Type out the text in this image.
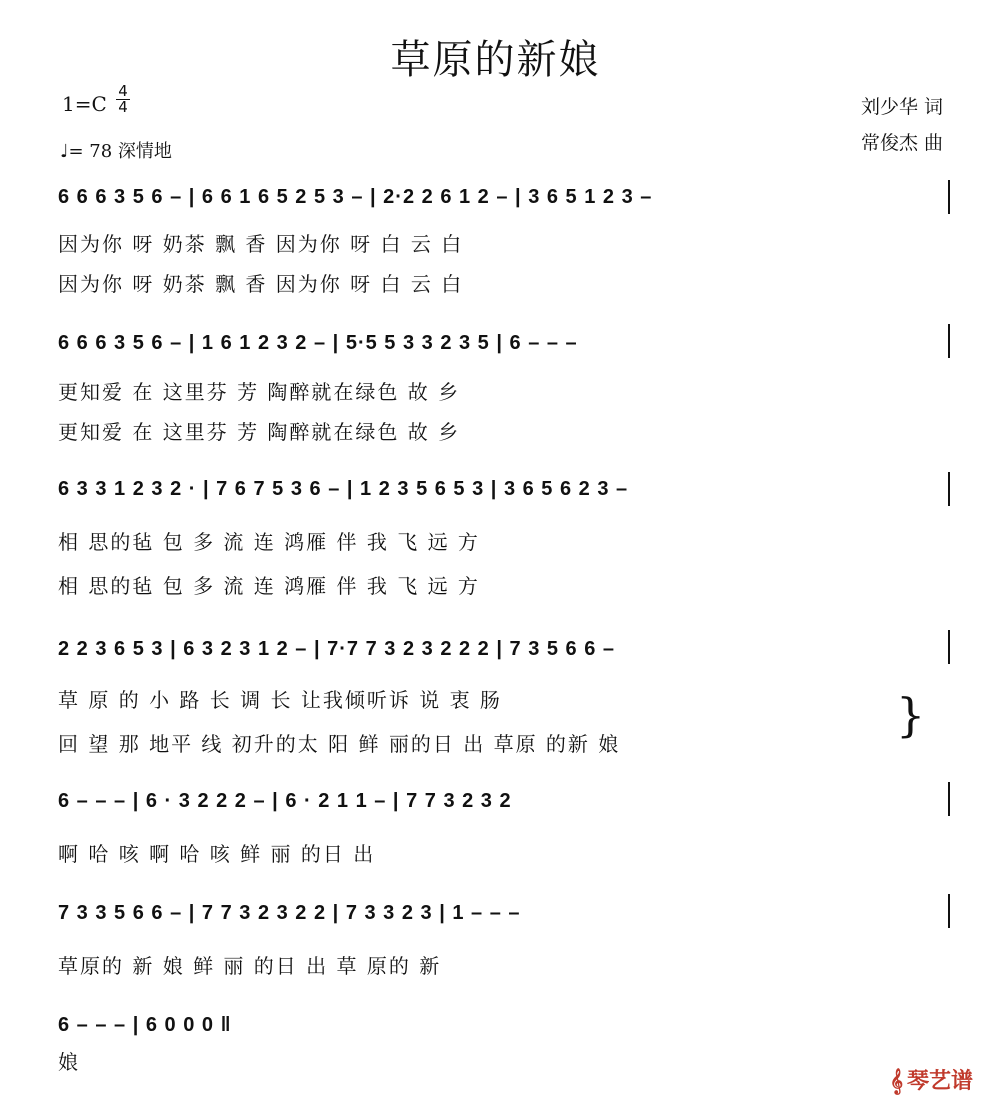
草原的新娘
1=C
4
4
♩= 78 深情地
刘少华 词
常俊杰 曲
6 6 6 3 5 6 – | 6 6 1 6 5 2 5 3 – | 2·2 2 6 1 2 – | 3 6 5 1 2 3 –
因为你 呀 奶茶 飘 香 因为你 呀 白 云 白
因为你 呀 奶茶 飘 香 因为你 呀 白 云 白
6 6 6 3 5 6 – | 1 6 1 2 3 2 – | 5·5 5 3 3 2 3 5 | 6 – – –
更知爱 在 这里芬 芳 陶醉就在绿色 故 乡
更知爱 在 这里芬 芳 陶醉就在绿色 故 乡
6 3 3 1 2 3 2 · | 7 6 7 5 3 6 – | 1 2 3 5 6 5 3 | 3 6 5 6 2 3 –
相 思的毡 包 多 流 连 鸿雁 伴 我 飞 远 方
相 思的毡 包 多 流 连 鸿雁 伴 我 飞 远 方
2 2 3 6 5 3 | 6 3 2 3 1 2 – | 7·7 7 3 2 3 2 2 2 | 7 3 5 6 6 –
草 原 的 小 路 长 调 长 让我倾听诉 说 衷 肠
回 望 那 地平 线 初升的太 阳 鲜 丽的日 出 草原 的新 娘
}
6 – – – | 6 · 3 2 2 2 – | 6 · 2 1 1 – | 7 7 3 2 3 2
啊 哈 咳 啊 哈 咳 鲜 丽 的日 出
7 3 3 5 6 6 – | 7 7 3 2 3 2 2 | 7 3 3 2 3 | 1 – – –
草原的 新 娘 鲜 丽 的日 出 草 原的 新
6 – – – | 6 0 0 0 ‖
娘
𝄞 琴艺谱
